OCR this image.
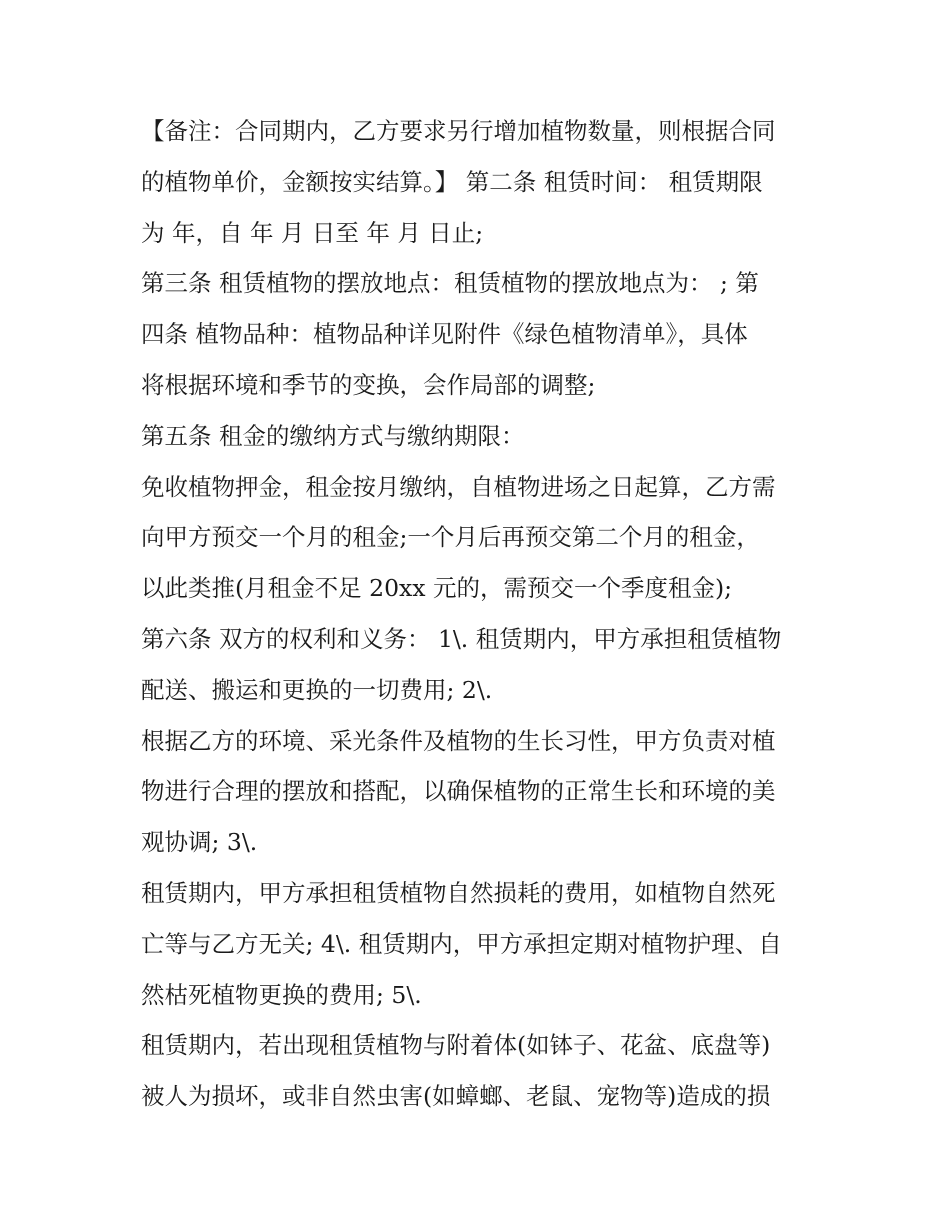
【备注：合同期内，乙方要求另行增加植物数量，则根据合同
的植物单价，金额按实结算。】 第二条 租赁时间： 租赁期限
为 年，自 年 月 日至 年 月 日止;
第三条 租赁植物的摆放地点：租赁植物的摆放地点为： ; 第
四条 植物品种：植物品种详见附件《绿色植物清单》，具体
将根据环境和季节的变换，会作局部的调整;
第五条 租金的缴纳方式与缴纳期限：
免收植物押金，租金按月缴纳，自植物进场之日起算，乙方需
向甲方预交一个月的租金;一个月后再预交第二个月的租金，
以此类推(月租金不足 20xx 元的，需预交一个季度租金);
第六条 双方的权利和义务： 1\. 租赁期内，甲方承担租赁植物
配送、搬运和更换的一切费用; 2\.
根据乙方的环境、采光条件及植物的生长习性，甲方负责对植
物进行合理的摆放和搭配，以确保植物的正常生长和环境的美
观协调; 3\.
租赁期内，甲方承担租赁植物自然损耗的费用，如植物自然死
亡等与乙方无关; 4\. 租赁期内，甲方承担定期对植物护理、自
然枯死植物更换的费用; 5\.
租赁期内，若出现租赁植物与附着体(如钵子、花盆、底盘等)
被人为损坏，或非自然虫害(如蟑螂、老鼠、宠物等)造成的损
